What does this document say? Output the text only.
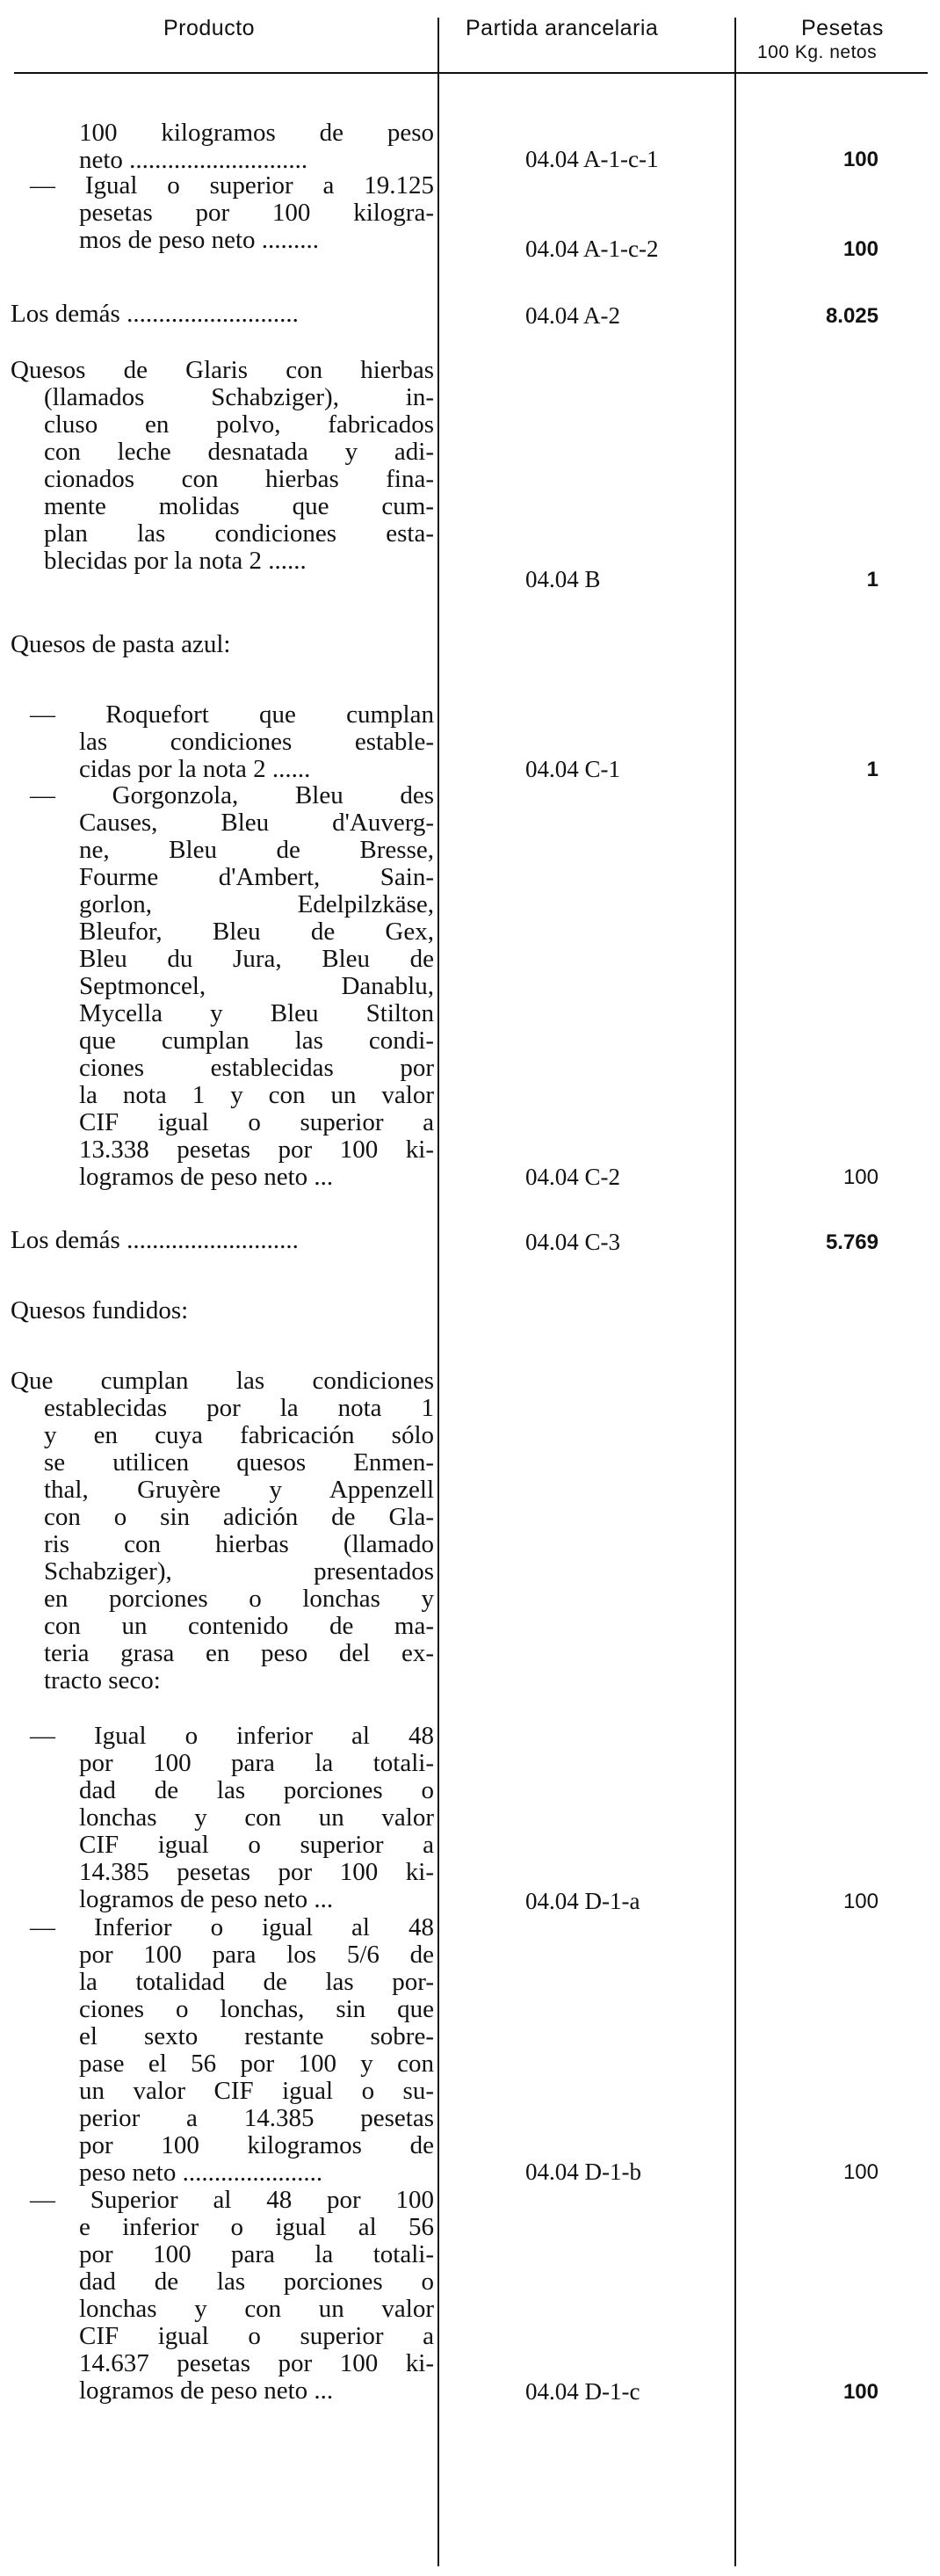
Producto	Partida arancelaria	Pesetas
100 Kg. netos
100 kilogramos de peso
neto ............................	04.04 A-1-c-1	100
— Igual o superior a 19.125
pesetas por 100 kilogra-
mos de peso neto .........	04.04 A-1-c-2	100
Los demás ...........................	04.04 A-2	8.025
Quesos de Glaris con hierbas
(llamados Schabziger), in-
cluso en polvo, fabricados
con leche desnatada y adi-
cionados con hierbas fina-
mente molidas que cum-
plan las condiciones esta-
blecidas por la nota 2 ......
04.04 B	1
Quesos de pasta azul:
— Roquefort que cumplan
las condiciones estable-
cidas por la nota 2 ......	04.04 C-1	1
— Gorgonzola, Bleu des
Causes, Bleu d'Auverg-
ne, Bleu de Bresse,
Fourme d'Ambert, Sain-
gorlon, Edelpilzkäse,
Bleufor, Bleu de Gex,
Bleu du Jura, Bleu de
Septmoncel, Danablu,
Mycella y Bleu Stilton
que cumplan las condi-
ciones establecidas por
la nota 1 y con un valor
CIF igual o superior a
13.338 pesetas por 100 ki-
logramos de peso neto ...	04.04 C-2	100
Los demás ...........................	04.04 C-3	5.769
Quesos fundidos:
Que cumplan las condiciones
establecidas por la nota 1
y en cuya fabricación sólo
se utilicen quesos Enmen-
thal, Gruyère y Appenzell
con o sin adición de Gla-
ris con hierbas (llamado
Schabziger), presentados
en porciones o lonchas y
con un contenido de ma-
teria grasa en peso del ex-
tracto seco:
— Igual o inferior al 48
por 100 para la totali-
dad de las porciones o
lonchas y con un valor
CIF igual o superior a
14.385 pesetas por 100 ki-
logramos de peso neto ...	04.04 D-1-a	100
— Inferior o igual al 48
por 100 para los 5/6 de
la totalidad de las por-
ciones o lonchas, sin que
el sexto restante sobre-
pase el 56 por 100 y con
un valor CIF igual o su-
perior a 14.385 pesetas
por 100 kilogramos de
peso neto ......................	04.04 D-1-b	100
— Superior al 48 por 100
e inferior o igual al 56
por 100 para la totali-
dad de las porciones o
lonchas y con un valor
CIF igual o superior a
14.637 pesetas por 100 ki-
logramos de peso neto ...	04.04 D-1-c	100
